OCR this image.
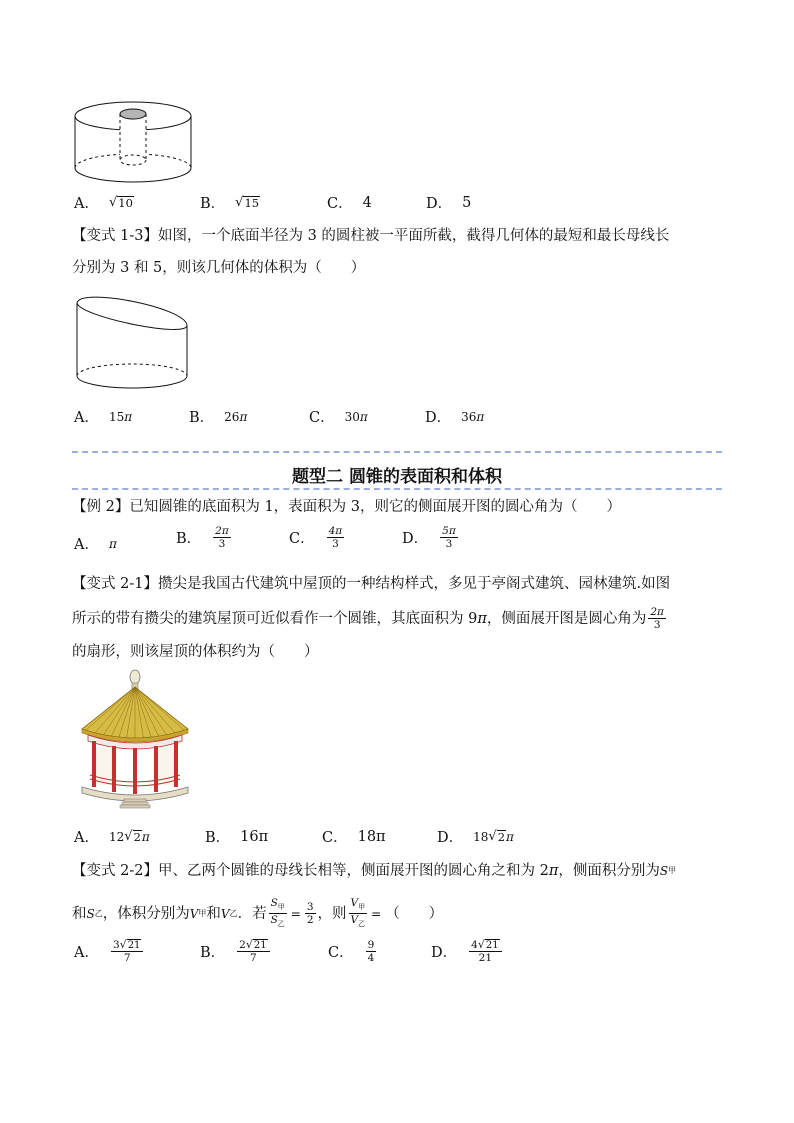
A． √ 10	B． √ 15	C． 4	D． 5
【变式 1-3】如图，一个底面半径为 3 的圆柱被一平面所截，截得几何体的最短和最长母线长
分别为 3 和 5，则该几何体的体积为（　　）
A． 15 π	B． 26 π	C． 30 π	D． 36 π
题型二 圆锥的表面积和体积
【例 2】已知圆锥的底面积为 1，表面积为 3，则它的侧面展开图的圆心角为（　　）
A． π	B． $\frac{2\pi}{3}$	C． $\frac{4\pi}{3}$	D． $\frac{5\pi}{3}$
【变式 2-1】攒尖是我国古代建筑中屋顶的一种结构样式，多见于亭阁式建筑、园林建筑.如图
所示的带有攒尖的建筑屋顶可近似看作一个圆锥，其底面积为 9 π ，侧面展开图是圆心角为 $\frac{2\pi}{3}$
的扇形，则该屋顶的体积约为（　　）
A． 12 √ 2 π	B． 16π	C． 18π	D． 18 √ 2 π
【变式 2-2】 甲、乙两个圆锥的母线长相等，侧面展开图的圆心角之和为 2 π ，侧面积分别为 S 甲
和 S 乙 ，体积分别为 V 甲 和 V 乙 ．若 $\frac{S_甲}{S_乙} = \frac{3}{2}$ ，则 $\frac{V_甲}{V_乙}$ = （　　）
A． $\frac{3 √ 21}{7}$	B． $\frac{2 √ 21}{7}$	C． $\frac{9}{4}$	D． $\frac{4 √ 21}{21}$
